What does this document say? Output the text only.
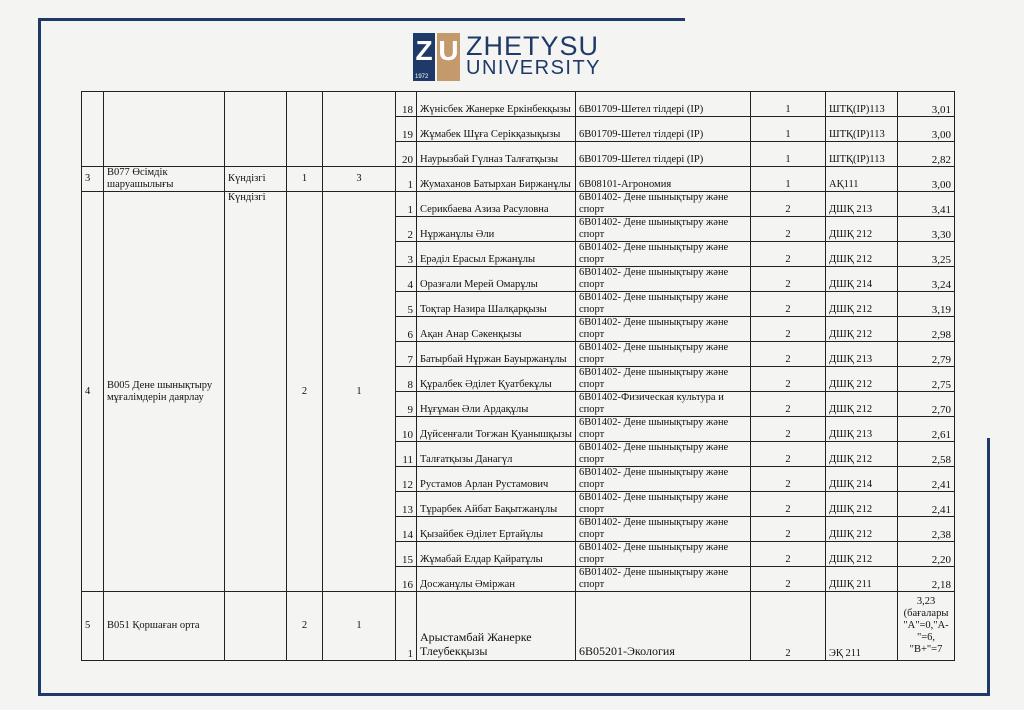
Z
1972
U ZHETYSU
UNIVERSITY
					18	Жүнісбек Жанерке Еркінбекқызы	6В01709-Шетел тілдері (IP)	1	ШТҚ(IP)113	3,01
					19	Жұмабек Шұға Серікқазықызы	6В01709-Шетел тілдері (IP)	1	ШТҚ(IP)113	3,00
					20	Наурызбай Гүлназ Талғатқызы	6В01709-Шетел тілдері (IP)	1	ШТҚ(IP)113	2,82
3	В077 Өсімдік шаруашылығы	Күндізгі	1	3	1	Жумаханов Батырхан Биржанұлы	6В08101-Агрономия	1	АҚ111	3,00
4	В005 Дене шынықтыру мұғалімдерін даярлау	Күндізгі	2	1	1	Серикбаева Азиза Расуловна	6В01402- Дене шынықтыру және спорт	2	ДШҚ 213	3,41
					2	Нұржанұлы Әли	6В01402- Дене шынықтыру және спорт	2	ДШҚ 212	3,30
					3	Ерәділ Ерасыл Ержанұлы	6В01402- Дене шынықтыру және спорт	2	ДШҚ 212	3,25
					4	Оразғали Мерей Омарұлы	6В01402- Дене шынықтыру және спорт	2	ДШҚ 214	3,24
					5	Тоқтар Назира Шалқарқызы	6В01402- Дене шынықтыру және спорт	2	ДШҚ 212	3,19
					6	Ақан Анар Сәкенқызы	6В01402- Дене шынықтыру және спорт	2	ДШҚ 212	2,98
					7	Батырбай Нұржан Бауыржанұлы	6В01402- Дене шынықтыру және спорт	2	ДШҚ 213	2,79
					8	Құралбек Әділет Қуатбекұлы	6В01402- Дене шынықтыру және спорт	2	ДШҚ 212	2,75
					9	Нұғұман Әли Ардақұлы	6В01402-Физическая культура и спорт	2	ДШҚ 212	2,70
					10	Дүйсенғали Тоғжан Қуанышқызы	6В01402- Дене шынықтыру және спорт	2	ДШҚ 213	2,61
					11	Талғатқызы Данагүл	6В01402- Дене шынықтыру және спорт	2	ДШҚ 212	2,58
					12	Рустамов Арлан Рустамович	6В01402- Дене шынықтыру және спорт	2	ДШҚ 214	2,41
					13	Тұрарбек Айбат Бақытжанұлы	6В01402- Дене шынықтыру және спорт	2	ДШҚ 212	2,41
					14	Қызайбек Әділет Ертайұлы	6В01402- Дене шынықтыру және спорт	2	ДШҚ 212	2,38
					15	Жұмабай Елдар Қайратұлы	6В01402- Дене шынықтыру және спорт	2	ДШҚ 212	2,20
					16	Досжанұлы Әміржан	6В01402- Дене шынықтыру және спорт	2	ДШҚ 211	2,18
5	В051 Қоршаған орта		2	1	1	Арыстамбай Жанерке Тлеубекқызы	6В05201-Экология	2	ЭҚ 211	3,23 (бағалары "А"=0,"А-"=6, "В+"=7
